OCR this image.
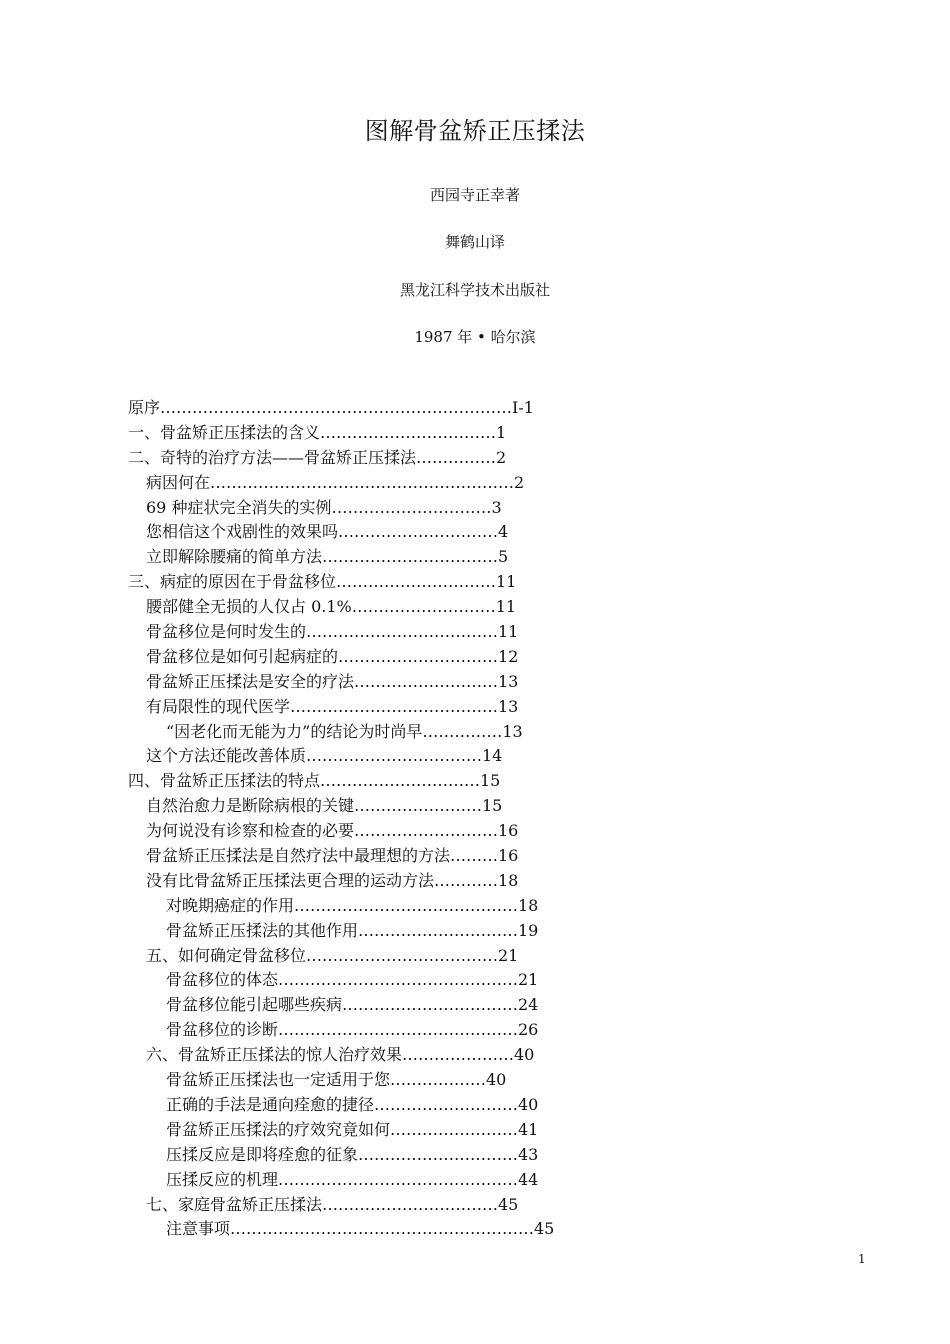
图解骨盆矫正压揉法
西园寺正幸著
舞鹤山译
黑龙江科学技术出版社
1987 年 • 哈尔滨
原序…………………………………………………………Ⅰ-1
一、骨盆矫正压揉法的含义……………………………1
二、奇特的治疗方法——骨盆矫正压揉法……………2
病因何在…………………………………………………2
69 种症状完全消失的实例…………………………3
您相信这个戏剧性的效果吗…………………………4
立即解除腰痛的简单方法……………………………5
三、病症的原因在于骨盆移位…………………………11
腰部健全无损的人仅占 0.1%………………………11
骨盆移位是何时发生的………………………………11
骨盆移位是如何引起病症的…………………………12
骨盆矫正压揉法是安全的疗法………………………13
有局限性的现代医学…………………………………13
“因老化而无能为力”的结论为时尚早……………13
这个方法还能改善体质……………………………14
四、骨盆矫正压揉法的特点…………………………15
自然治愈力是断除病根的关键……………………15
为何说没有诊察和检查的必要………………………16
骨盆矫正压揉法是自然疗法中最理想的方法………16
没有比骨盆矫正压揉法更合理的运动方法…………18
对晚期癌症的作用……………………………………18
骨盆矫正压揉法的其他作用…………………………19
五、如何确定骨盆移位………………………………21
骨盆移位的体态………………………………………21
骨盆移位能引起哪些疾病……………………………24
骨盆移位的诊断………………………………………26
六、骨盆矫正压揉法的惊人治疗效果…………………40
骨盆矫正压揉法也一定适用于您………………40
正确的手法是通向痊愈的捷径………………………40
骨盆矫正压揉法的疗效究竟如何……………………41
压揉反应是即将痊愈的征象…………………………43
压揉反应的机理………………………………………44
七、家庭骨盆矫正压揉法……………………………45
注意事项…………………………………………………45
1
